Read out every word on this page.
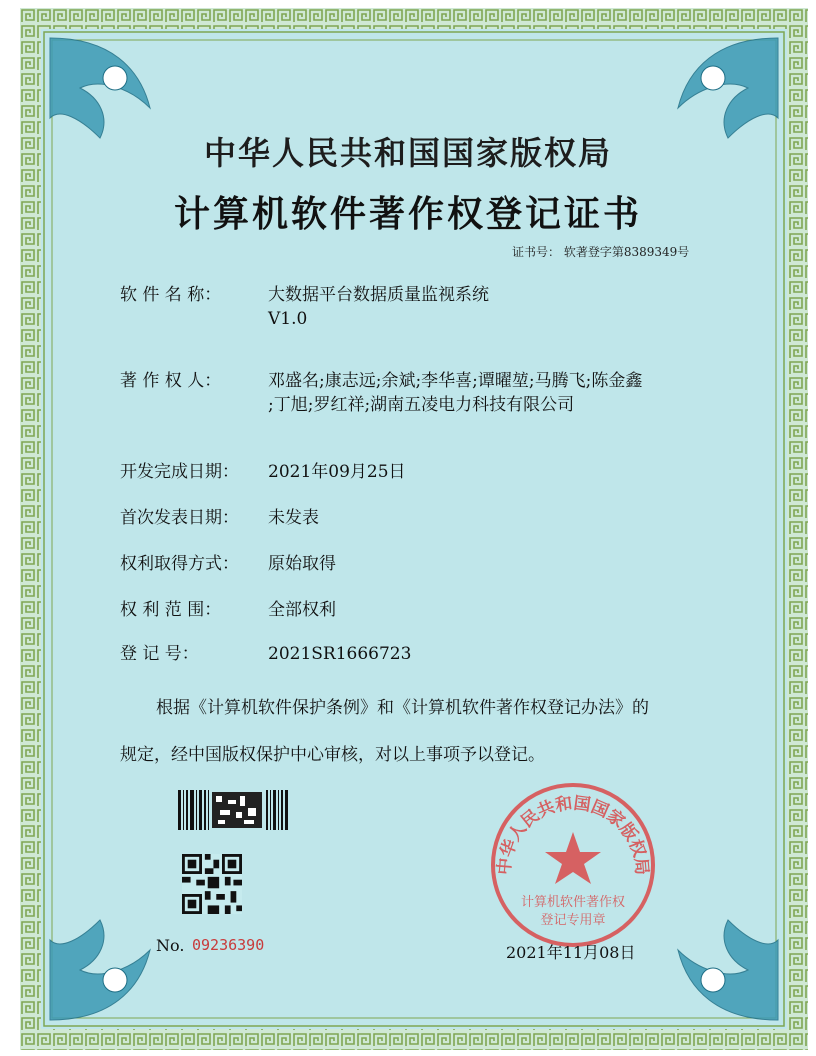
中华人民共和国国家版权局
计算机软件著作权登记证书
证书号： 软著登字第8389349号
软 件 名 称：	大数据平台数据质量监视系统
V1.0
著 作 权 人：	邓盛名;康志远;余斌;李华喜;谭曜堃;马腾飞;陈金鑫
;丁旭;罗红祥;湖南五凌电力科技有限公司
开发完成日期： 2021年09月25日
首次发表日期： 未发表
权利取得方式： 原始取得
权 利 范 围：	全部权利
登 记 号：	2021SR1666723
根据《计算机软件保护条例》和《计算机软件著作权登记办法》的
规定，经中国版权保护中心审核，对以上事项予以登记。
No. 09236390
中华人民共和国国家版权局
计算机软件著作权
登记专用章
2021年11月08日
